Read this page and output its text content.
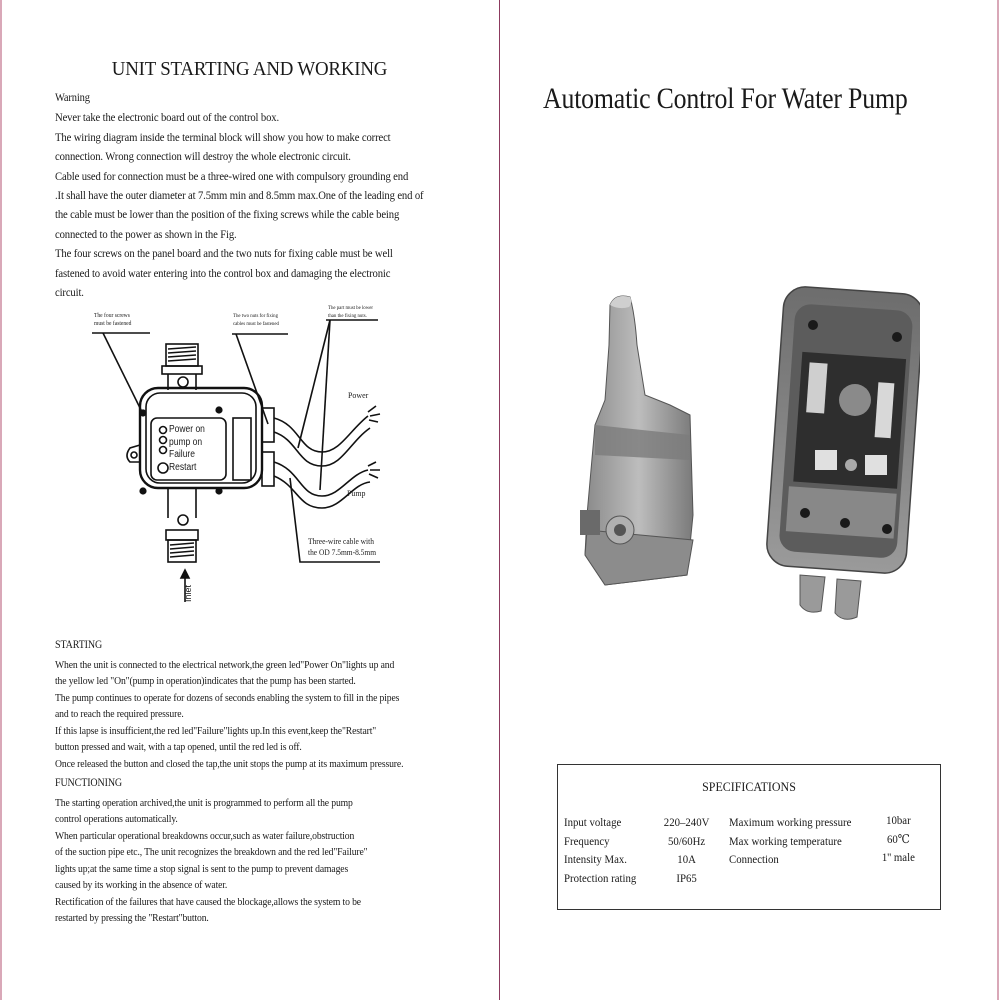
UNIT STARTING AND WORKING

Warning

Never take the electronic board out of the control box.

The wiring diagram inside the terminal block will show you how to make correct

connection. Wrong connection will destroy the whole electronic circuit.

Cable used for connection must be a three-wired one with compulsory grounding end

.It shall have the outer diameter at 7.5mm min and 8.5mm max.One of the leading end of

the cable must be lower than the position of the fixing screws while the cable being

connected to the power as shown in the Fig.

The four screws on the panel board and the two nuts for fixing cable must be well

fastened to avoid water entering into the control box and damaging the electronic

circuit.

The four screws
must be fastened
The two nuts for fixing
cables must be fastened
The part must be lower
than the fixing nuts.
Power on
pump on
Failure
Restart
Power
Pump
Three-wire cable with
the OD 7.5mm-8.5mm
Inlet

STARTING

When the unit is connected to the electrical network,the green led"Power On"lights up and

the yellow led "On"(pump in operation)indicates that the pump has been started.

The pump continues to operate for dozens of seconds enabling the system to fill in the pipes

and to reach the required pressure.

If this lapse is insufficient,the red led"Failure"lights up.In this event,keep the"Restart"

button pressed and wait, with a tap opened, until the red led is off.

Once released the button and closed the tap,the unit stops the pump at its maximum pressure.

FUNCTIONING

The starting operation archived,the unit is programmed to perform all the pump

control operations automatically.

When particular operational breakdowns occur,such as water failure,obstruction

of the suction pipe etc., The unit recognizes the breakdown and the red led"Failure"

lights up;at the same time a stop signal is sent to the pump to prevent damages

caused by its working in the absence of water.

Rectification of the failures that have caused the blockage,allows the system to be

restarted by pressing the "Restart"button.

Automatic Control For Water Pump
SPECIFICATIONS
Input voltage
Frequency
Intensity Max.
Protection rating
220–240V
50/60Hz
10A
IP65
Maximum working pressure
Max working temperature
Connection
10bar
60℃
1'' male
